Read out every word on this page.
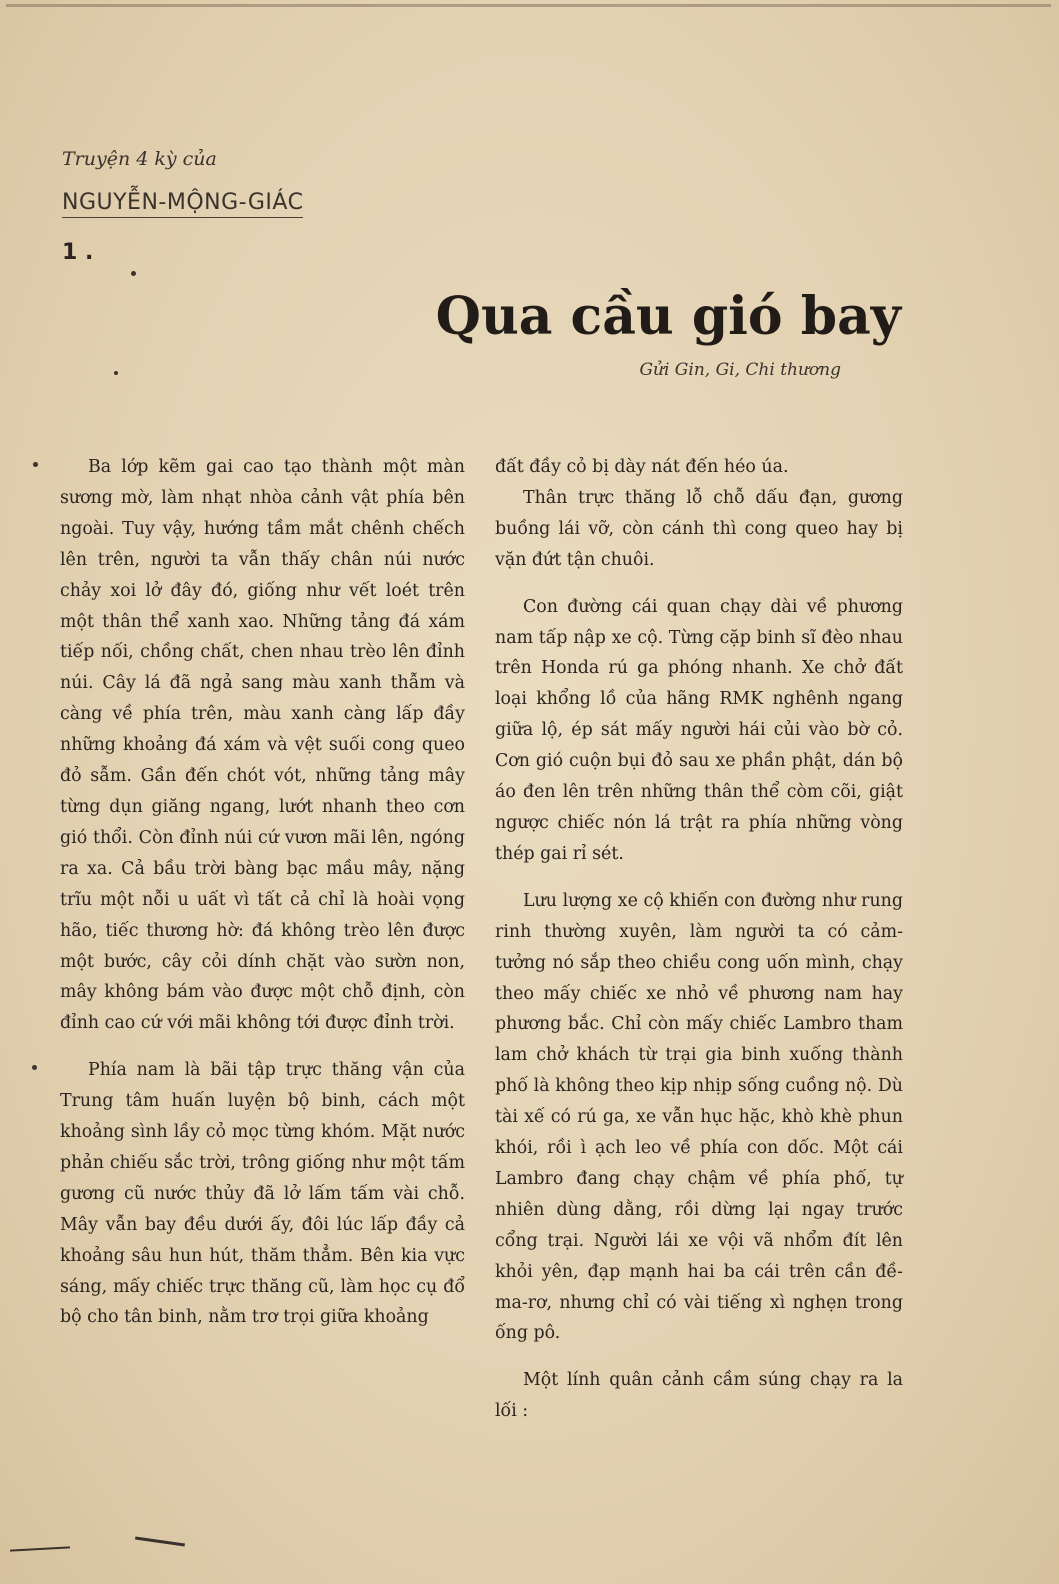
Truyện 4 kỳ của
NGUYỄN-MỘNG-GIÁC
1 .
Qua cầu gió bay
Gửi Gin, Gi, Chi thương

Ba lớp kẽm gai cao tạo thành một màn sương mờ, làm nhạt nhòa cảnh vật phía bên ngoài. Tuy vậy, hướng tầm mắt chênh chếch lên trên, người ta vẫn thấy chân núi nước chảy xoi lở đây đó, giống như vết loét trên một thân thể xanh xao. Những tảng đá xám tiếp nối, chồng chất, chen nhau trèo lên đỉnh núi. Cây lá đã ngả sang màu xanh thẫm và càng về phía trên, màu xanh càng lấp đầy những khoảng đá xám và vệt suối cong queo đỏ sẫm. Gần đến chót vót, những tảng mây từng dụn giăng ngang, lướt nhanh theo cơn gió thổi. Còn đỉnh núi cứ vươn mãi lên, ngóng ra xa. Cả bầu trời bàng bạc mầu mây, nặng trĩu một nỗi u uất vì tất cả chỉ là hoài vọng hão, tiếc thương hờ: đá không trèo lên được một bước, cây cỏi dính chặt vào sườn non, mây không bám vào được một chỗ định, còn đỉnh cao cứ với mãi không tới được đỉnh trời.

Phía nam là bãi tập trực thăng vận của Trung tâm huấn luyện bộ binh, cách một khoảng sình lầy cỏ mọc từng khóm. Mặt nước phản chiếu sắc trời, trông giống như một tấm gương cũ nước thủy đã lở lấm tấm vài chỗ. Mây vẫn bay đều dưới ấy, đôi lúc lấp đầy cả khoảng sâu hun hút, thăm thẳm. Bên kia vực sáng, mấy chiếc trực thăng cũ, làm học cụ đổ bộ cho tân binh, nằm trơ trọi giữa khoảng

đất đầy cỏ bị dày nát đến héo úa.

Thân trực thăng lỗ chỗ dấu đạn, gương buồng lái vỡ, còn cánh thì cong queo hay bị vặn đứt tận chuôi.

Con đường cái quan chạy dài về phương nam tấp nập xe cộ. Từng cặp binh sĩ đèo nhau trên Honda rú ga phóng nhanh. Xe chở đất loại khổng lồ của hãng RMK nghênh ngang giữa lộ, ép sát mấy người hái củi vào bờ cỏ. Cơn gió cuộn bụi đỏ sau xe phần phật, dán bộ áo đen lên trên những thân thể còm cõi, giật ngược chiếc nón lá trật ra phía những vòng thép gai rỉ sét.

Lưu lượng xe cộ khiến con đường như rung rinh thường xuyên, làm người ta có cảm-tưởng nó sắp theo chiều cong uốn mình, chạy theo mấy chiếc xe nhỏ về phương nam hay phương bắc. Chỉ còn mấy chiếc Lambro tham lam chở khách từ trại gia binh xuống thành phố là không theo kịp nhịp sống cuồng nộ. Dù tài xế có rú ga, xe vẫn hục hặc, khò khè phun khói, rồi ì ạch leo về phía con dốc. Một cái Lambro đang chạy chậm về phía phố, tự nhiên dùng dằng, rồi dừng lại ngay trước cổng trại. Người lái xe vội vã nhổm đít lên khỏi yên, đạp mạnh hai ba cái trên cần đề-ma-rơ, nhưng chỉ có vài tiếng xì nghẹn trong ống pô.

Một lính quân cảnh cầm súng chạy ra la lối :
